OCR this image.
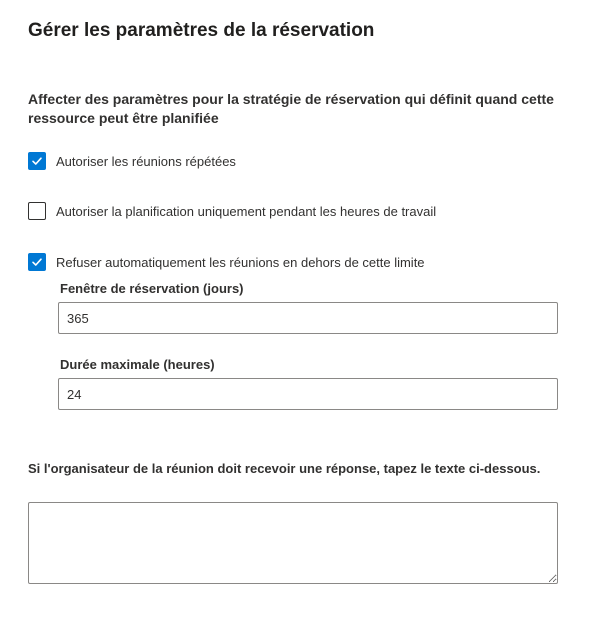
Gérer les paramètres de la réservation
Affecter des paramètres pour la stratégie de réservation qui définit quand cette ressource peut être planifiée
Autoriser les réunions répétées
Autoriser la planification uniquement pendant les heures de travail
Refuser automatiquement les réunions en dehors de cette limite
Fenêtre de réservation (jours)
365
Durée maximale (heures)
24
Si l'organisateur de la réunion doit recevoir une réponse, tapez le texte ci-dessous.
